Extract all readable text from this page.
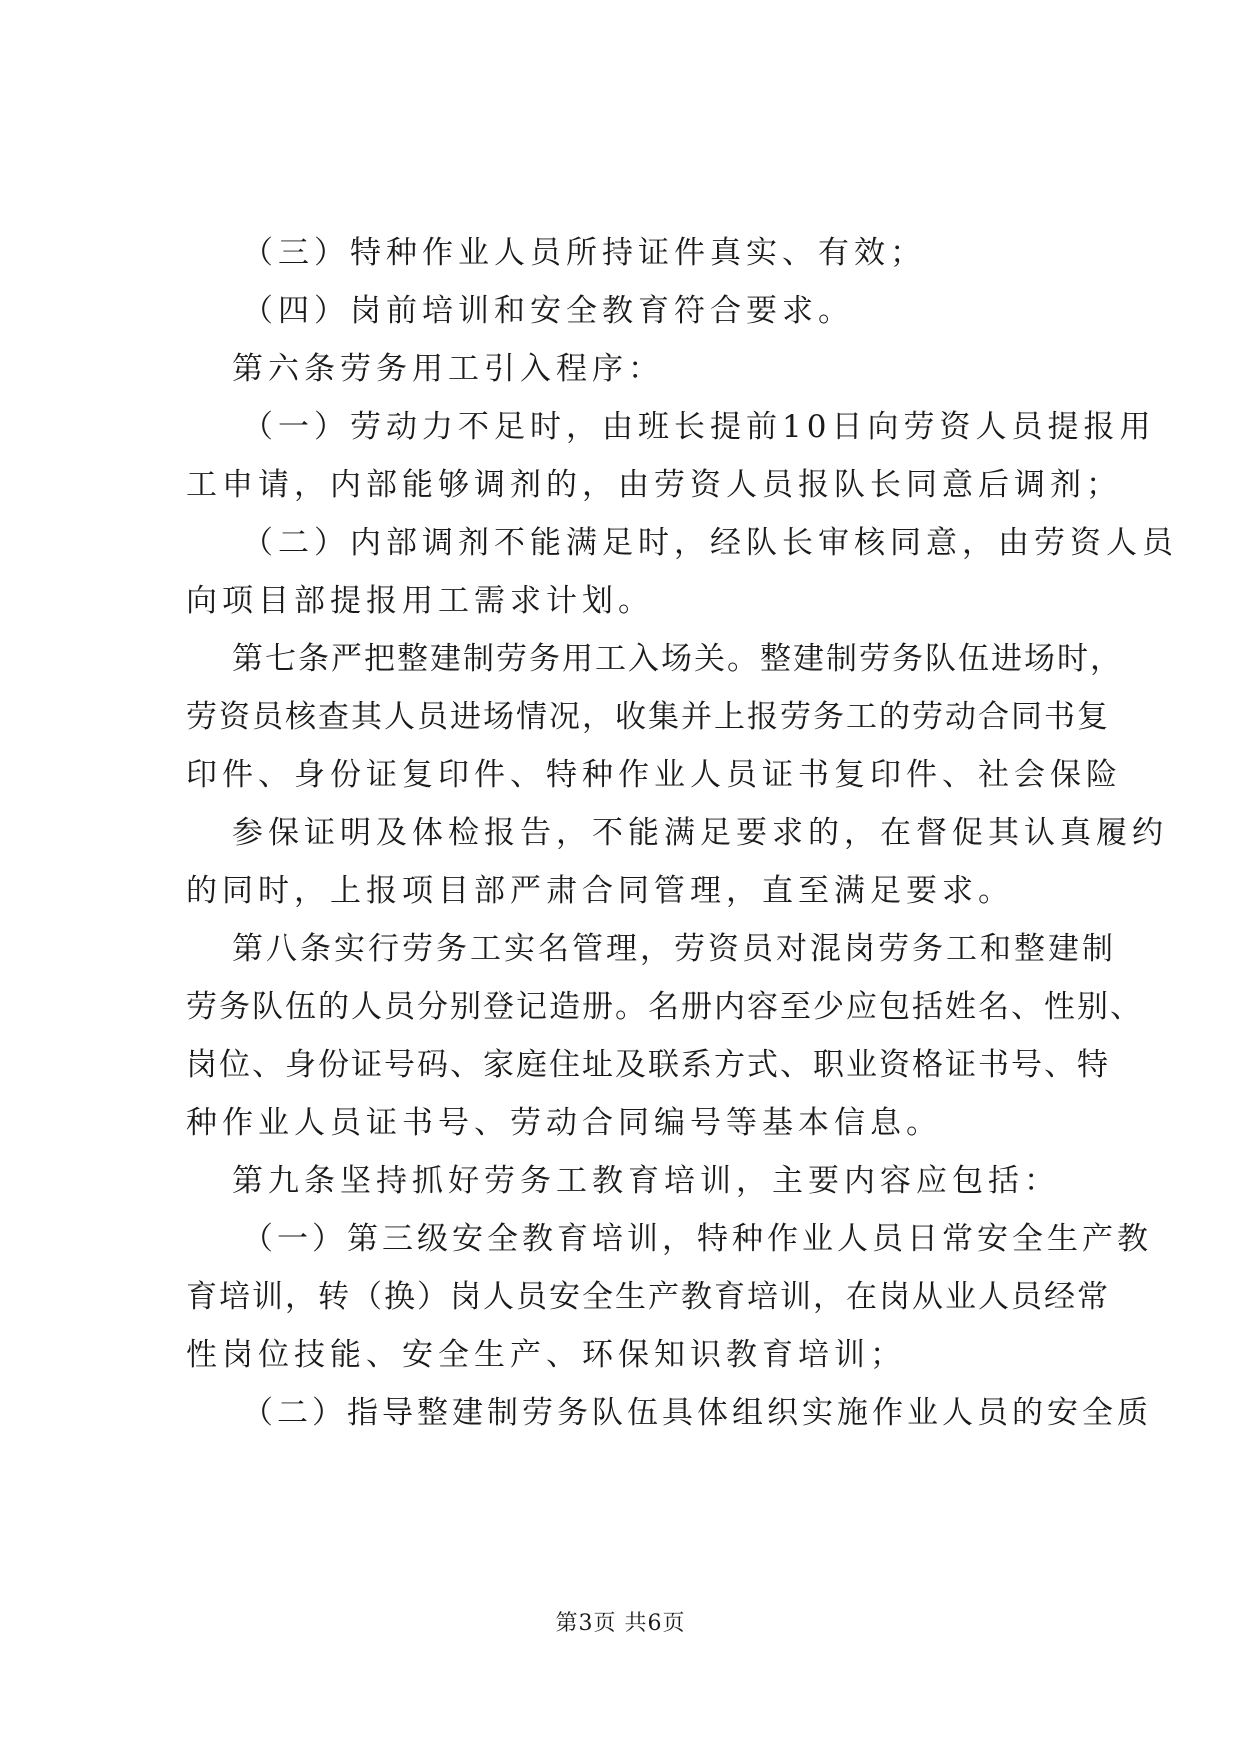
（三）特种作业人员所持证件真实、有效；
（四）岗前培训和安全教育符合要求。
第六条劳务用工引入程序：
（一）劳动力不足时，由班长提前10日向劳资人员提报用
工申请，内部能够调剂的，由劳资人员报队长同意后调剂；
（二）内部调剂不能满足时，经队长审核同意，由劳资人员
向项目部提报用工需求计划。
第七条严把整建制劳务用工入场关。整建制劳务队伍进场时，
劳资员核查其人员进场情况，收集并上报劳务工的劳动合同书复
印件、身份证复印件、特种作业人员证书复印件、社会保险
参保证明及体检报告，不能满足要求的，在督促其认真履约
的同时，上报项目部严肃合同管理，直至满足要求。
第八条实行劳务工实名管理，劳资员对混岗劳务工和整建制
劳务队伍的人员分别登记造册。名册内容至少应包括姓名、性别、
岗位、身份证号码、家庭住址及联系方式、职业资格证书号、特
种作业人员证书号、劳动合同编号等基本信息。
第九条坚持抓好劳务工教育培训，主要内容应包括：
（一）第三级安全教育培训，特种作业人员日常安全生产教
育培训，转（换）岗人员安全生产教育培训，在岗从业人员经常
性岗位技能、安全生产、环保知识教育培训；
（二）指导整建制劳务队伍具体组织实施作业人员的安全质
第3页 共6页
